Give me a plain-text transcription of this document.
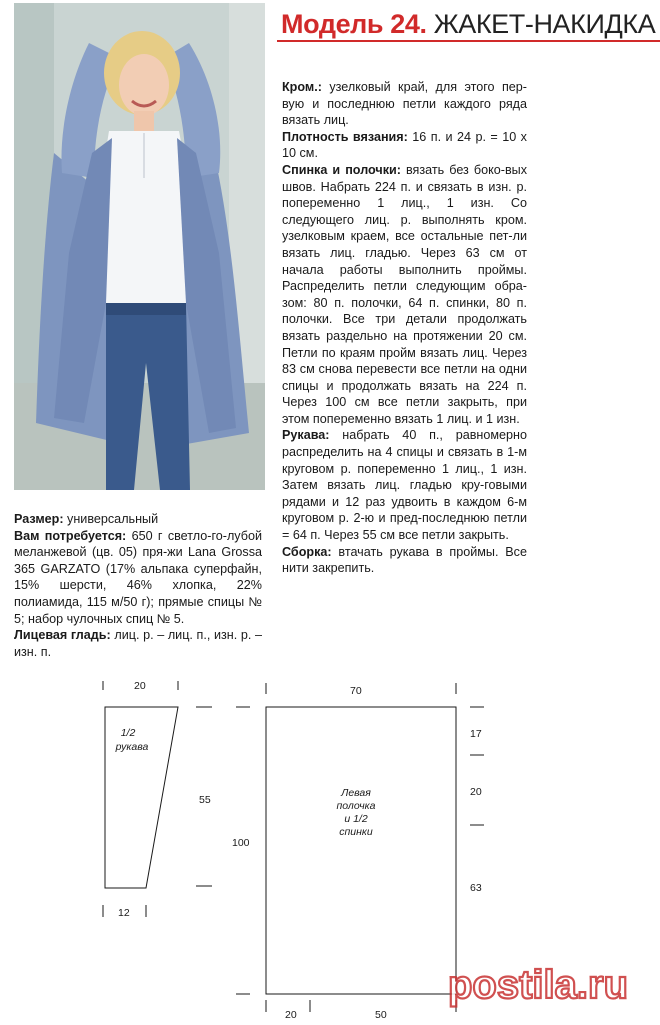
Модель 24. ЖАКЕТ-НАКИДКА

Кром.: узелковый край, для этого пер-вую и последнюю петли каждого ряда вязать лиц.

Плотность вязания: 16 п. и 24 р. = 10 х 10 см.

Спинка и полочки: вязать без боко-вых швов. Набрать 224 п. и связать в изн. р. попеременно 1 лиц., 1 изн. Со следующего лиц. р. выполнять кром. узелковым краем, все остальные пет-ли вязать лиц. гладью. Через 63 см от начала работы выполнить проймы. Распределить петли следующим обра-зом: 80 п. полочки, 64 п. спинки, 80 п. полочки. Все три детали продолжать вязать раздельно на протяжении 20 см. Петли по краям пройм вязать лиц. Через 83 см снова перевести все петли на одни спицы и продолжать вязать на 224 п. Через 100 см все петли закрыть, при этом попеременно вязать 1 лиц. и 1 изн.

Рукава: набрать 40 п., равномерно распределить на 4 спицы и связать в 1-м круговом р. попеременно 1 лиц., 1 изн. Затем вязать лиц. гладью кру-говыми рядами и 12 раз удвоить в каждом 6-м круговом р. 2-ю и пред-последнюю петли = 64 п. Через 55 см все петли закрыть.

Сборка: втачать рукава в проймы. Все нити закрепить.

Размер: универсальный

Вам потребуется: 650 г светло-го-лубой меланжевой (цв. 05) пря-жи Lana Grossa 365 GARZATO (17% альпака суперфайн, 15% шерсти, 46% хлопка, 22% полиамида, 115 м/50 г); прямые спицы № 5; набор чулочных спиц № 5.

Лицевая гладь: лиц. р. – лиц. п., изн. р. – изн. п.

20
1/2
рукава
55
12
70
Левая
полочка
и 1/2
спинки
100
17
20
63
20	50
postila.ru
